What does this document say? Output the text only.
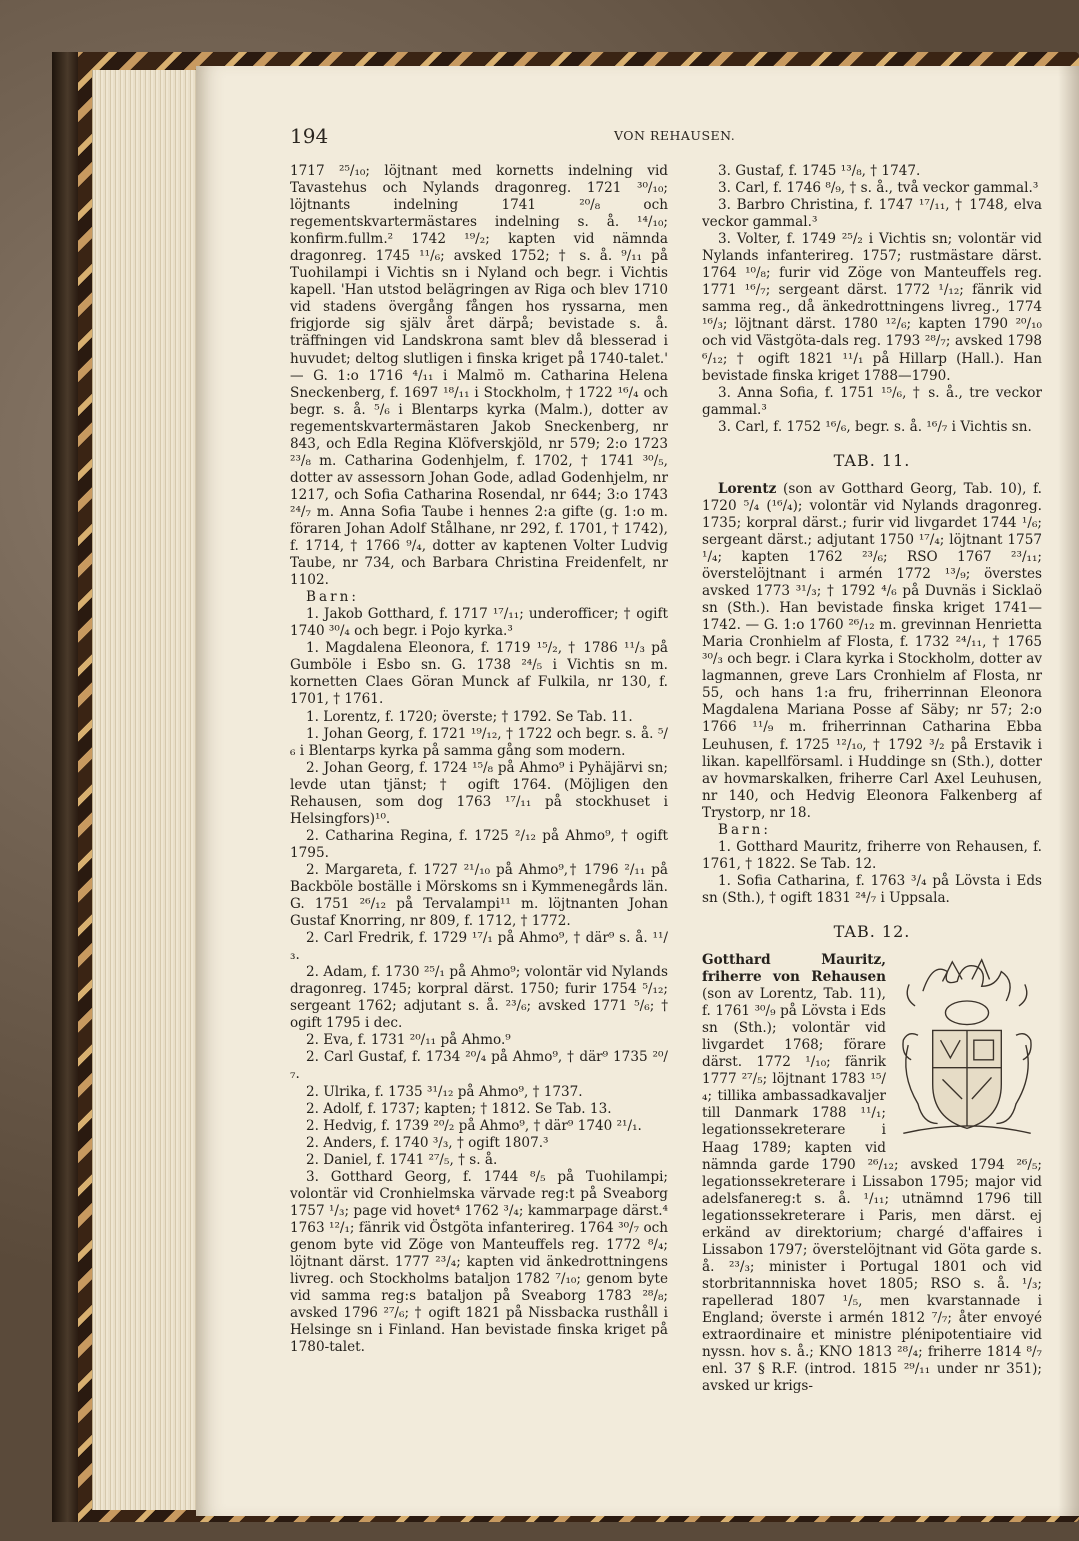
194	VON REHAUSEN.

1717 ²⁵/₁₀; löjtnant med kornetts indelning vid Tavastehus och Nylands dragonreg. 1721 ³⁰/₁₀; löjtnants indelning 1741 ²⁰/₈ och regementskvartermästares indelning s. å. ¹⁴/₁₀; konfirm.fullm.² 1742 ¹⁹/₂; kapten vid nämnda dragonreg. 1745 ¹¹/₆; avsked 1752; † s. å. ⁹/₁₁ på Tuohilampi i Vichtis sn i Nyland och begr. i Vichtis kapell. 'Han utstod belägringen av Riga och blev 1710 vid stadens övergång fången hos ryssarna, men frigjorde sig själv året därpå; bevistade s. å. träffningen vid Landskrona samt blev då blesserad i huvudet; deltog slutligen i finska kriget på 1740-talet.' — G. 1:o 1716 ⁴/₁₁ i Malmö m. Catharina Helena Sneckenberg, f. 1697 ¹⁸/₁₁ i Stockholm, † 1722 ¹⁶/₄ och begr. s. å. ⁵/₆ i Blentarps kyrka (Malm.), dotter av regementskvartermästaren Jakob Sneckenberg, nr 843, och Edla Regina Klöfverskjöld, nr 579; 2:o 1723 ²³/₈ m. Catharina Godenhjelm, f. 1702, † 1741 ³⁰/₅, dotter av assessorn Johan Gode, adlad Godenhjelm, nr 1217, och Sofia Catharina Rosendal, nr 644; 3:o 1743 ²⁴/₇ m. Anna Sofia Taube i hennes 2:a gifte (g. 1:o m. föraren Johan Adolf Stålhane, nr 292, f. 1701, † 1742), f. 1714, † 1766 ⁹/₄, dotter av kaptenen Volter Ludvig Taube, nr 734, och Barbara Christina Freidenfelt, nr 1102.

Barn:

1. Jakob Gotthard, f. 1717 ¹⁷/₁₁; underofficer; † ogift 1740 ³⁰/₄ och begr. i Pojo kyrka.³

1. Magdalena Eleonora, f. 1719 ¹⁵/₂, † 1786 ¹¹/₃ på Gumböle i Esbo sn. G. 1738 ²⁴/₅ i Vichtis sn m. kornetten Claes Göran Munck af Fulkila, nr 130, f. 1701, † 1761.

1. Lorentz, f. 1720; överste; † 1792. Se Tab. 11.

1. Johan Georg, f. 1721 ¹⁹/₁₂, † 1722 och begr. s. å. ⁵/₆ i Blentarps kyrka på samma gång som modern.

2. Johan Georg, f. 1724 ¹⁵/₈ på Ahmo⁹ i Pyhäjärvi sn; levde utan tjänst; † ogift 1764. (Möjligen den Rehausen, som dog 1763 ¹⁷/₁₁ på stockhuset i Helsingfors)¹⁰.

2. Catharina Regina, f. 1725 ²/₁₂ på Ahmo⁹, † ogift 1795.

2. Margareta, f. 1727 ²¹/₁₀ på Ahmo⁹,† 1796 ²/₁₁ på Backböle boställe i Mörskoms sn i Kymmenegårds län. G. 1751 ²⁶/₁₂ på Tervalampi¹¹ m. löjtnanten Johan Gustaf Knorring, nr 809, f. 1712, † 1772.

2. Carl Fredrik, f. 1729 ¹⁷/₁ på Ahmo⁹, † där⁹ s. å. ¹¹/₃.

2. Adam, f. 1730 ²⁵/₁ på Ahmo⁹; volontär vid Nylands dragonreg. 1745; korpral därst. 1750; furir 1754 ⁵/₁₂; sergeant 1762; adjutant s. å. ²³/₆; avsked 1771 ⁵/₆; † ogift 1795 i dec.

2. Eva, f. 1731 ²⁰/₁₁ på Ahmo.⁹

2. Carl Gustaf, f. 1734 ²⁰/₄ på Ahmo⁹, † där⁹ 1735 ²⁰/₇.

2. Ulrika, f. 1735 ³¹/₁₂ på Ahmo⁹, † 1737.

2. Adolf, f. 1737; kapten; † 1812. Se Tab. 13.

2. Hedvig, f. 1739 ²⁰/₂ på Ahmo⁹, † där⁹ 1740 ²¹/₁.

2. Anders, f. 1740 ³/₃, † ogift 1807.³

2. Daniel, f. 1741 ²⁷/₅, † s. å.

3. Gotthard Georg, f. 1744 ⁸/₅ på Tuohilampi; volontär vid Cronhielmska värvade reg:t på Sveaborg 1757 ¹/₃; page vid hovet⁴ 1762 ³/₄; kammarpage därst.⁴ 1763 ¹²/₁; fänrik vid Östgöta infanterireg. 1764 ³⁰/₇ och genom byte vid Zöge von Manteuffels reg. 1772 ⁸/₄; löjtnant därst. 1777 ²³/₄; kapten vid änkedrottningens livreg. och Stockholms bataljon 1782 ⁷/₁₀; genom byte vid samma reg:s bataljon på Sveaborg 1783 ²⁸/₈; avsked 1796 ²⁷/₆; † ogift 1821 på Nissbacka rusthåll i Helsinge sn i Finland. Han bevistade finska kriget på 1780-talet.

3. Gustaf, f. 1745 ¹³/₈, † 1747.

3. Carl, f. 1746 ⁸/₉, † s. å., två veckor gammal.³

3. Barbro Christina, f. 1747 ¹⁷/₁₁, † 1748, elva veckor gammal.³

3. Volter, f. 1749 ²⁵/₂ i Vichtis sn; volontär vid Nylands infanterireg. 1757; rustmästare därst. 1764 ¹⁰/₈; furir vid Zöge von Manteuffels reg. 1771 ¹⁶/₇; sergeant därst. 1772 ¹/₁₂; fänrik vid samma reg., då änkedrottningens livreg., 1774 ¹⁶/₃; löjtnant därst. 1780 ¹²/₆; kapten 1790 ²⁰/₁₀ och vid Västgöta-dals reg. 1793 ²⁸/₇; avsked 1798 ⁶/₁₂; † ogift 1821 ¹¹/₁ på Hillarp (Hall.). Han bevistade finska kriget 1788—1790.

3. Anna Sofia, f. 1751 ¹⁵/₆, † s. å., tre veckor gammal.³

3. Carl, f. 1752 ¹⁶/₆, begr. s. å. ¹⁶/₇ i Vichtis sn.

TAB. 11.

Lorentz (son av Gotthard Georg, Tab. 10), f. 1720 ⁵/₄ (¹⁶/₄); volontär vid Nylands dragonreg. 1735; korpral därst.; furir vid livgardet 1744 ¹/₆; sergeant därst.; adjutant 1750 ¹⁷/₄; löjtnant 1757 ¹/₄; kapten 1762 ²³/₆; RSO 1767 ²³/₁₁; överstelöjtnant i armén 1772 ¹³/₉; överstes avsked 1773 ³¹/₃; † 1792 ⁴/₆ på Duvnäs i Sicklaö sn (Sth.). Han bevistade finska kriget 1741—1742. — G. 1:o 1760 ²⁶/₁₂ m. grevinnan Henrietta Maria Cronhielm af Flosta, f. 1732 ²⁴/₁₁, † 1765 ³⁰/₃ och begr. i Clara kyrka i Stockholm, dotter av lagmannen, greve Lars Cronhielm af Flosta, nr 55, och hans 1:a fru, friherrinnan Eleonora Magdalena Mariana Posse af Säby; nr 57; 2:o 1766 ¹¹/₉ m. friherrinnan Catharina Ebba Leuhusen, f. 1725 ¹²/₁₀, † 1792 ³/₂ på Erstavik i likan. kapellförsaml. i Huddinge sn (Sth.), dotter av hovmarskalken, friherre Carl Axel Leuhusen, nr 140, och Hedvig Eleonora Falkenberg af Trystorp, nr 18.

Barn:

1. Gotthard Mauritz, friherre von Rehausen, f. 1761, † 1822. Se Tab. 12.

1. Sofia Catharina, f. 1763 ³/₄ på Lövsta i Eds sn (Sth.), † ogift 1831 ²⁴/₇ i Uppsala.

TAB. 12.

Gotthard Mauritz, friherre von Rehausen (son av Lorentz, Tab. 11), f. 1761 ³⁰/₉ på Lövsta i Eds sn (Sth.); volontär vid livgardet 1768; förare därst. 1772 ¹/₁₀; fänrik 1777 ²⁷/₅; löjtnant 1783 ¹⁵/₄; tillika ambassadkavaljer till Danmark 1788 ¹¹/₁; legationssekreterare i Haag 1789; kapten vid nämnda garde 1790 ²⁶/₁₂; avsked 1794 ²⁶/₅; legationssekreterare i Lissabon 1795; major vid adelsfanereg:t s. å. ¹/₁₁; utnämnd 1796 till legationssekreterare i Paris, men därst. ej erkänd av direktorium; chargé d'affaires i Lissabon 1797; överstelöjtnant vid Göta garde s. å. ²³/₃; minister i Portugal 1801 och vid storbritannniska hovet 1805; RSO s. å. ¹/₃; rapellerad 1807 ¹/₅, men kvarstannade i England; överste i armén 1812 ⁷/₇; åter envoyé extraordinaire et ministre plénipotentiaire vid nyssn. hov s. å.; KNO 1813 ²⁸/₄; friherre 1814 ⁸/₇ enl. 37 § R.F. (introd. 1815 ²⁹/₁₁ under nr 351); avsked ur krigs-
